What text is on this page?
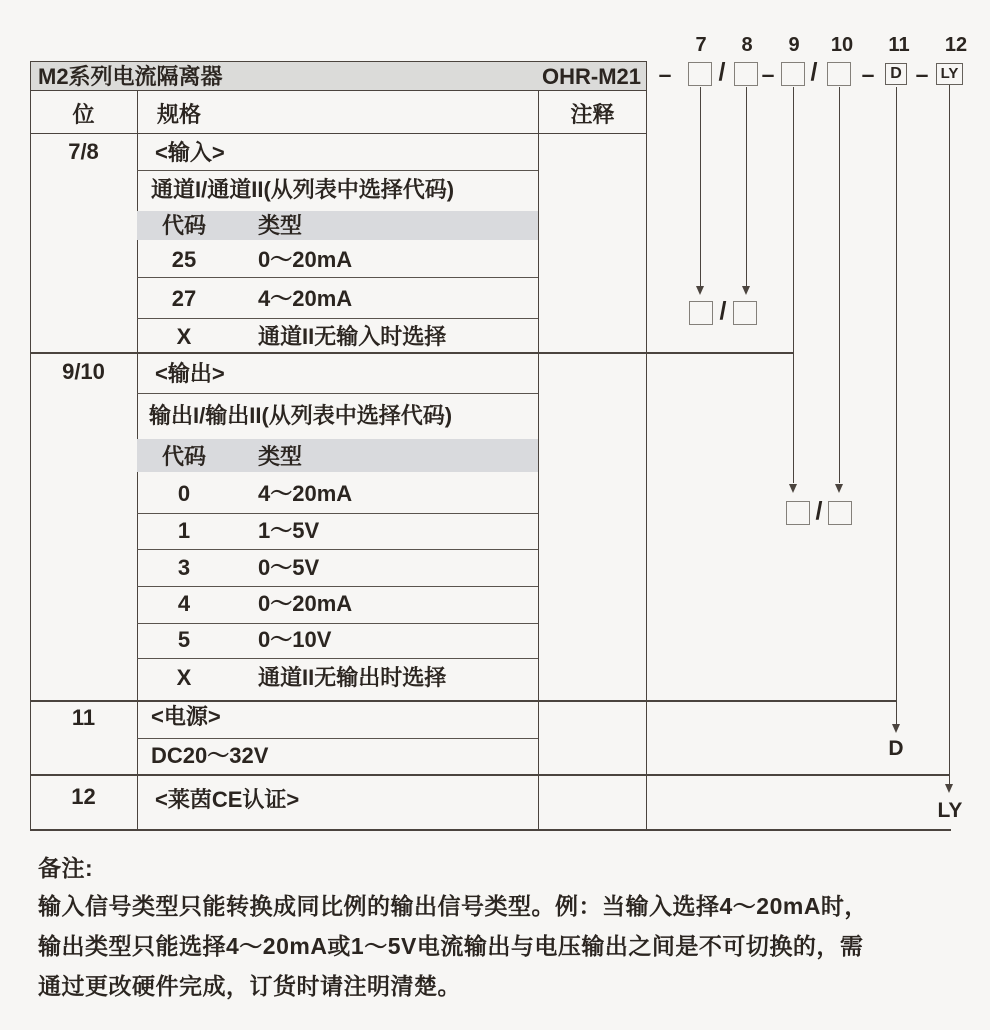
7	8	9	10 11 12
M2系列电流隔离器	OHR-M21 –	/	–	/	– D – LY
/
/
D
LY
位	规格	注释
7/8	<输入>
通道I/通道II(从列表中选择代码)
代码	类型
25	0～20mA
27	4～20mA
X	通道II无输入时选择
9/10	<输出>
输出I/输出II(从列表中选择代码)
代码	类型
0	4～20mA
1	1～5V
3	0～5V
4	0～20mA
5	0～10V
X	通道II无输出时选择
11	<电源>
DC20～32V
12	<莱茵CE认证>
备注:
输入信号类型只能转换成同比例的输出信号类型。例：当输入选择4～20mA时，
输出类型只能选择4～20mA或1～5V电流输出与电压输出之间是不可切换的，需
通过更改硬件完成，订货时请注明清楚。
